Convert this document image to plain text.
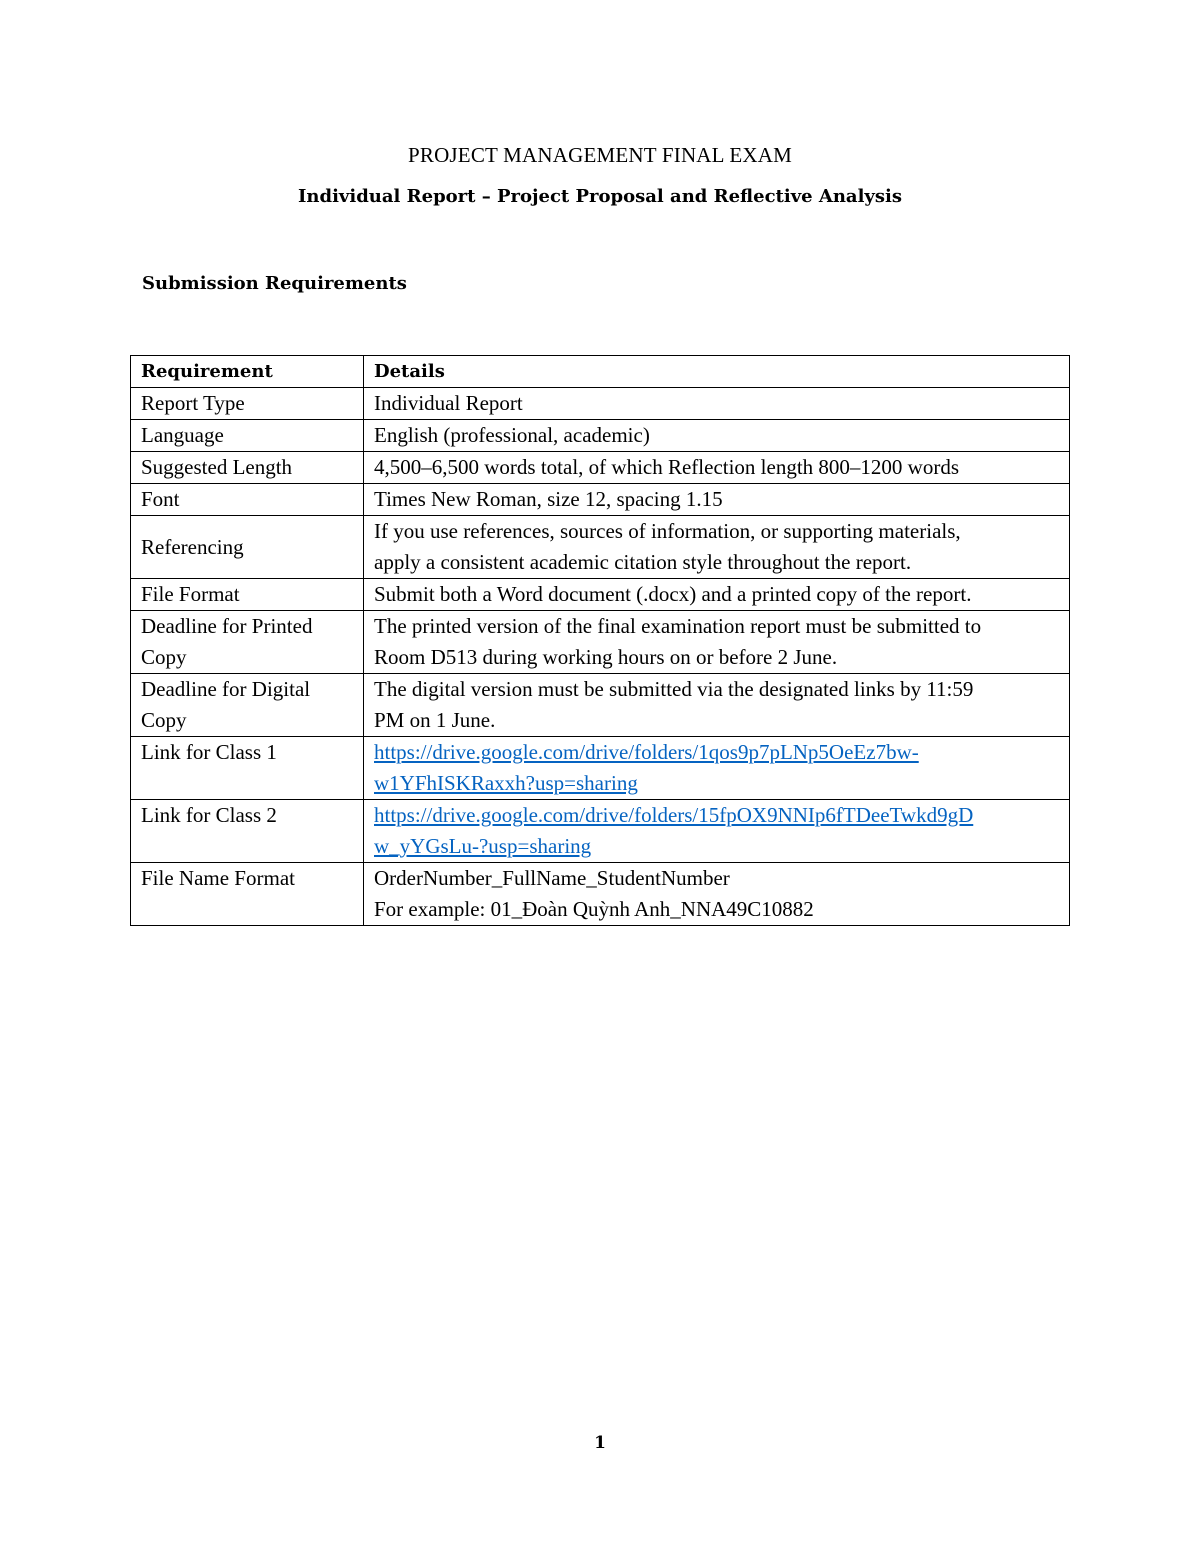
PROJECT MANAGEMENT FINAL EXAM
Individual Report – Project Proposal and Reflective Analysis
Submission Requirements
Requirement	Details

Report Type	Individual Report

Language	English (professional, academic)

Suggested Length	4,500–6,500 words total, of which Reflection length 800–1200 words

Font	Times New Roman, size 12, spacing 1.15

Referencing	If you use references, sources of information, or supporting materials,
apply a consistent academic citation style throughout the report.

File Format	Submit both a Word document (.docx) and a printed copy of the report.

Deadline for Printed
Copy	The printed version of the final examination report must be submitted to
Room D513 during working hours on or before 2 June.

Deadline for Digital
Copy	The digital version must be submitted via the designated links by 11:59
PM on 1 June.

Link for Class 1	https://drive.google.com/drive/folders/1qos9p7pLNp5OeEz7bw-
w1YFhISKRaxxh?usp=sharing

Link for Class 2	https://drive.google.com/drive/folders/15fpOX9NNIp6fTDeeTwkd9gD
w_yYGsLu-?usp=sharing

File Name Format	OrderNumber_FullName_StudentNumber
For example: 01_Đoàn Quỳnh Anh_NNA49C10882
1
